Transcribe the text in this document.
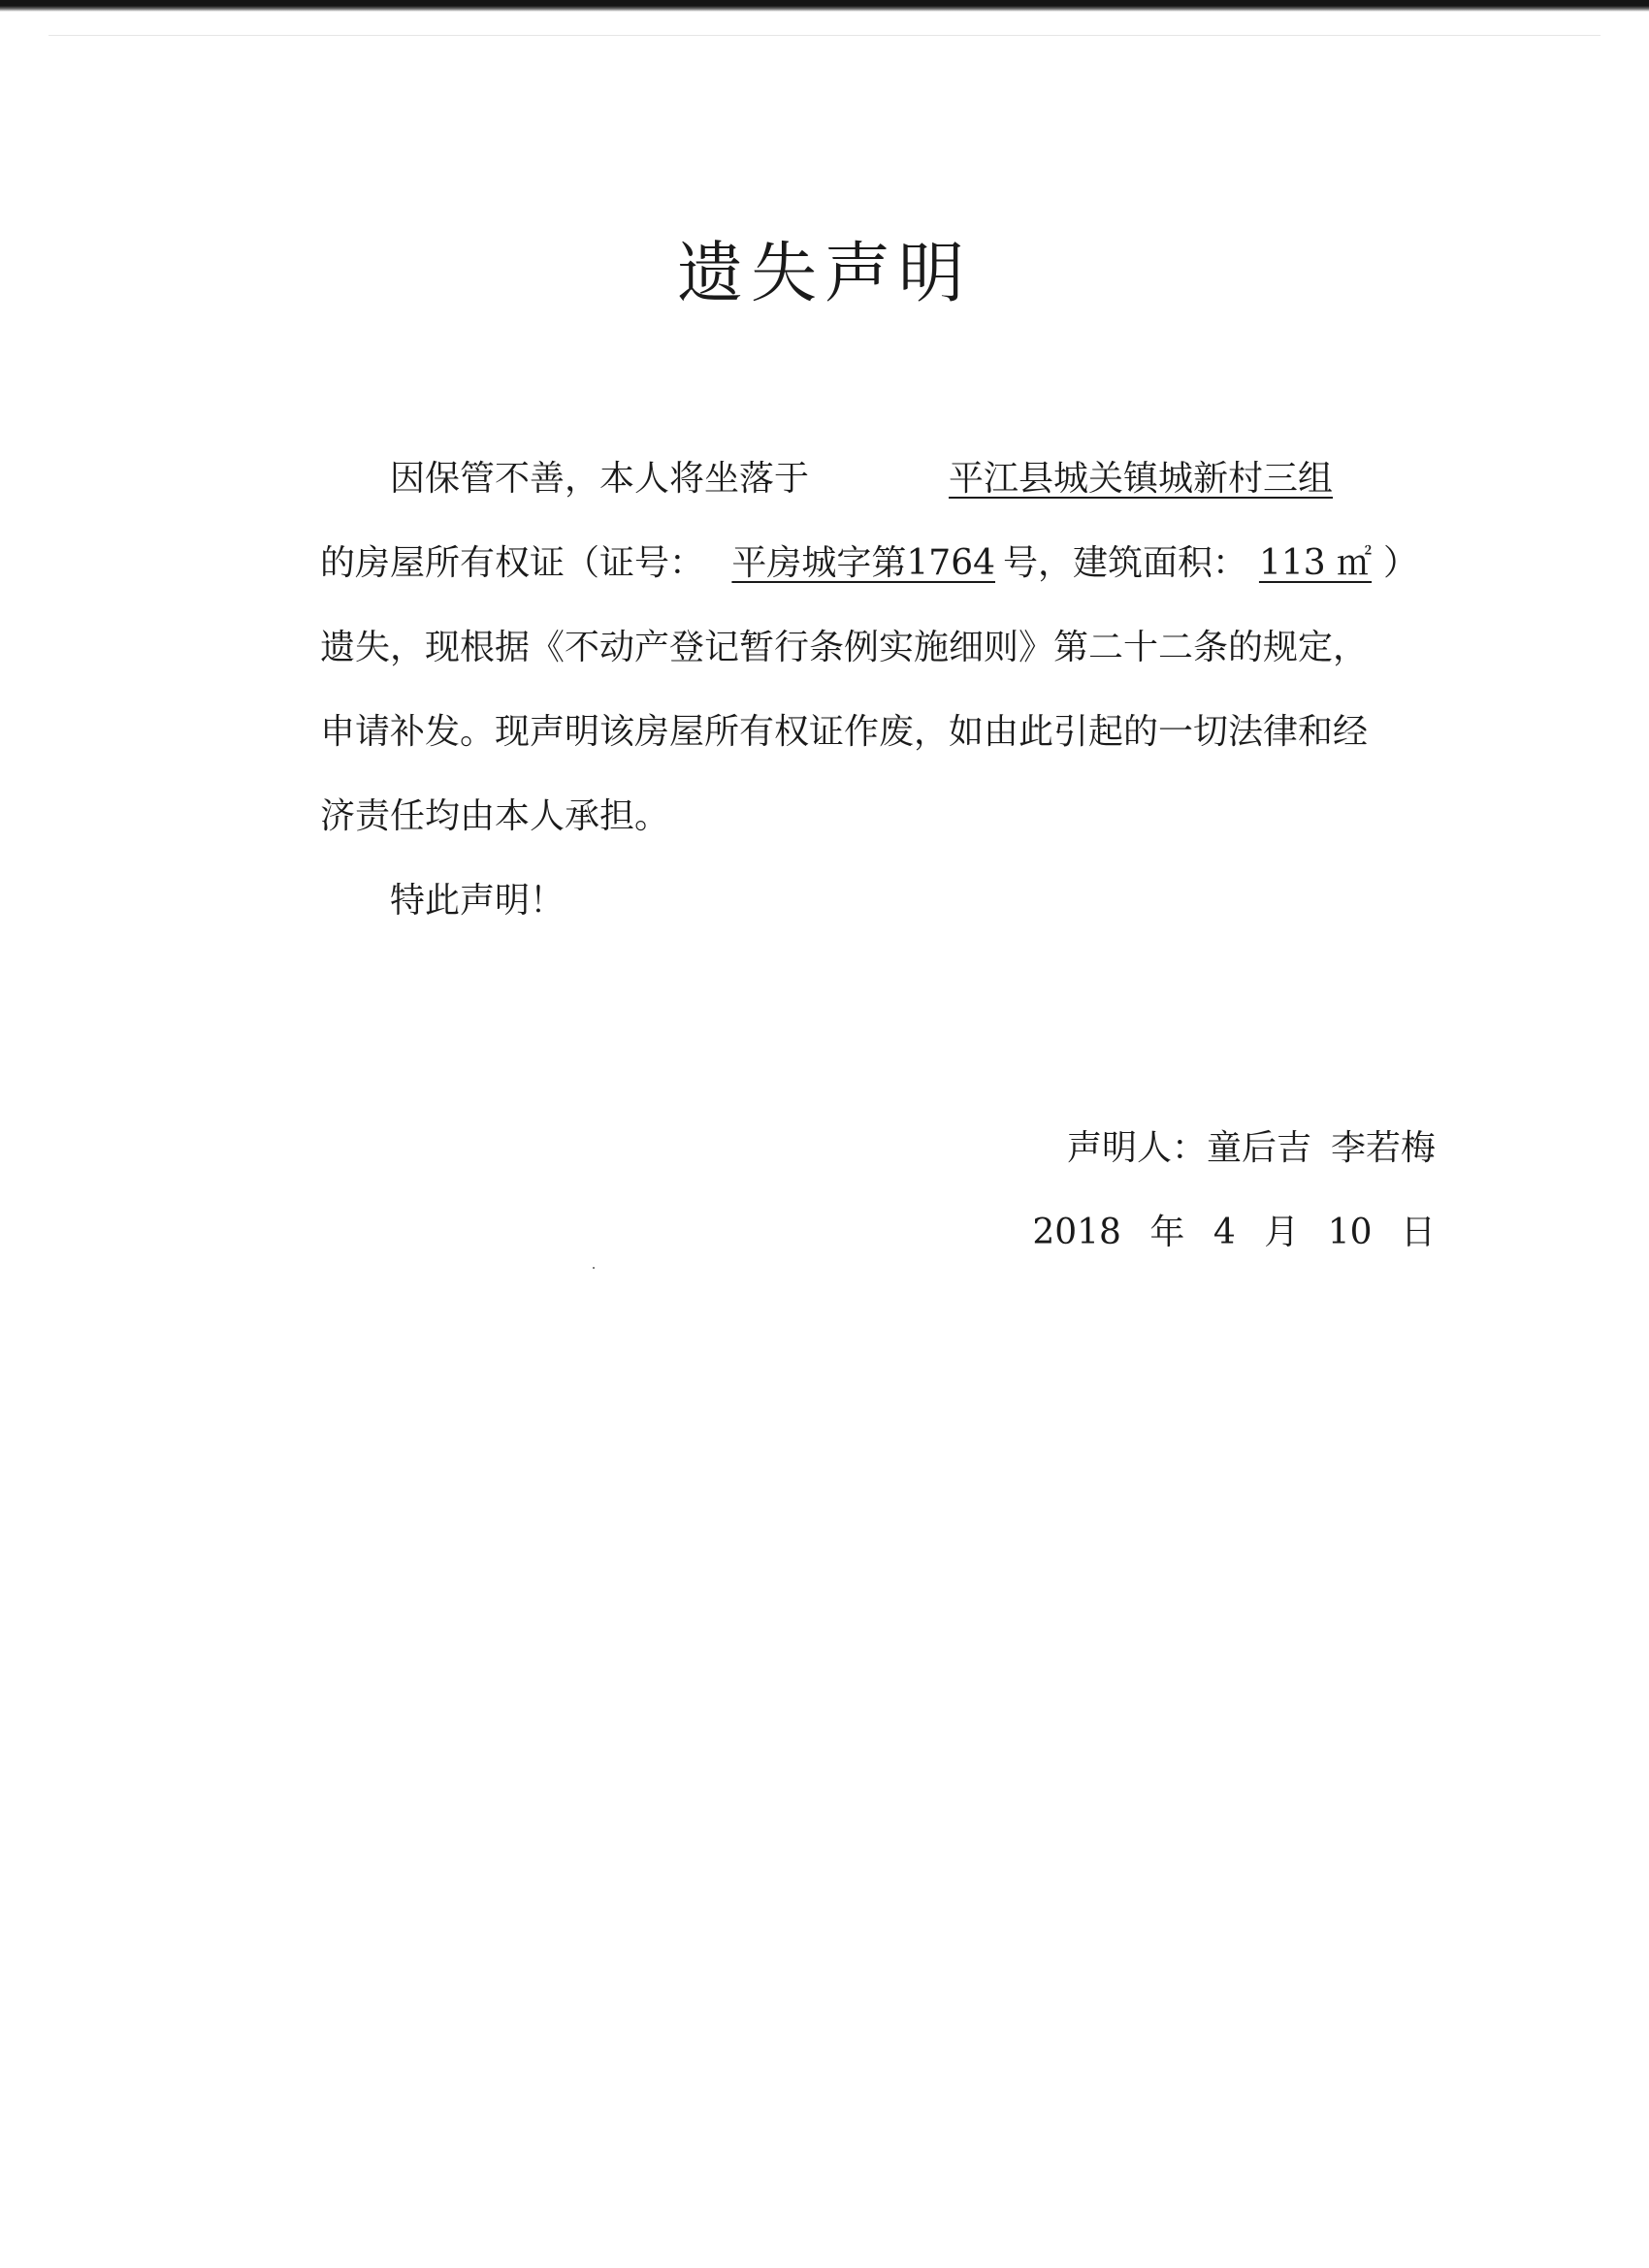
遗失声明
因保管不善，本人将坐落于	平江县城关镇城新村三组
的房屋所有权证（证号： 平房城字第1764 号，建筑面积： 113 ㎡ ）
遗失，现根据《不动产登记暂行条例实施细则》第二十二条的规定，
申请补发。现声明该房屋所有权证作废，如由此引起的一切法律和经
济责任均由本人承担。
特此声明！
声明人：童后吉 李若梅
2018 年 4 月 10 日
